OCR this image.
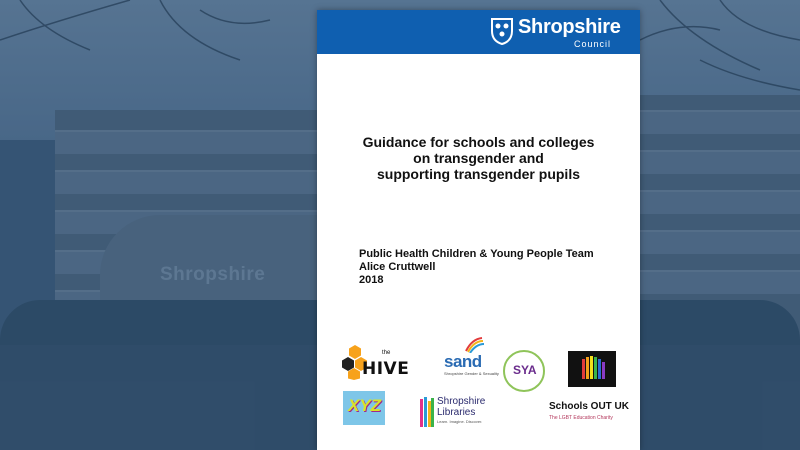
Shropshire
Shropshire
Council
Guidance for schools and colleges
on transgender and
supporting transgender pupils
Public Health Children & Young People Team
Alice Cruttwell
2018
the
HIVE sand
Shropshire Gender & Sexuality SYA
XYZ	Shropshire
Libraries
Learn. Imagine. Discover.
Schools OUT UK
The LGBT Education Charity
